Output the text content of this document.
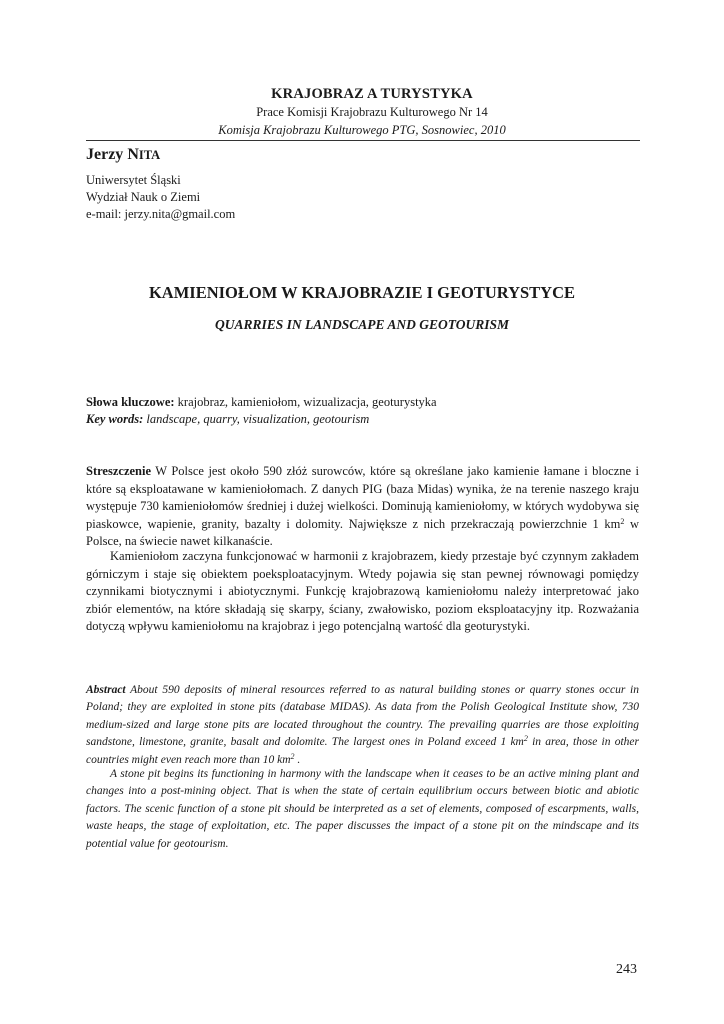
KRAJOBRAZ A TURYSTYKA
Prace Komisji Krajobrazu Kulturowego Nr 14
Komisja Krajobrazu Kulturowego PTG, Sosnowiec, 2010
Jerzy NITA
Uniwersytet Śląski
Wydział Nauk o Ziemi
e-mail: jerzy.nita@gmail.com
KAMIENIOŁOM W KRAJOBRAZIE I GEOTURYSTYCE
QUARRIES IN LANDSCAPE AND GEOTOURISM
Słowa kluczowe: krajobraz, kamieniołom, wizualizacja, geoturystyka
Key words: landscape, quarry, visualization, geotourism

Streszczenie W Polsce jest około 590 złóż surowców, które są określane jako kamienie łamane i bloczne i które są eksploatawane w kamieniołomach. Z danych PIG (baza Midas) wynika, że na terenie naszego kraju występuje 730 kamieniołomów średniej i dużej wielkości. Dominują kamieniołomy, w których wydobywa się piaskowce, wapienie, granity, bazalty i dolomity. Największe z nich przekraczają powierzchnie 1 $km^2$ w Polsce, na świecie nawet kilkanaście.

Kamieniołom zaczyna funkcjonować w harmonii z krajobrazem, kiedy przestaje być czynnym zakładem górniczym i staje się obiektem poeksploatacyjnym. Wtedy pojawia się stan pewnej równowagi pomiędzy czynnikami biotycznymi i abiotycznymi. Funkcję krajobrazową kamieniołomu należy interpretować jako zbiór elementów, na które składają się skarpy, ściany, zwałowisko, poziom eksploatacyjny itp. Rozważania dotyczą wpływu kamieniołomu na krajobraz i jego potencjalną wartość dla geoturystyki.

Abstract About 590 deposits of mineral resources referred to as natural building stones or quarry stones occur in Poland; they are exploited in stone pits (database MIDAS). As data from the Polish Geological Institute show, 730 medium-sized and large stone pits are located throughout the country. The prevailing quarries are those exploiting sandstone, limestone, granite, basalt and dolomite. The largest ones in Poland exceed 1 $km^2$ in area, those in other countries might even reach more than 10 $km^2$ .

A stone pit begins its functioning in harmony with the landscape when it ceases to be an active mining plant and changes into a post-mining object. That is when the state of certain equilibrium occurs between biotic and abiotic factors. The scenic function of a stone pit should be interpreted as a set of elements, composed of escarpments, walls, waste heaps, the stage of exploitation, etc. The paper discusses the impact of a stone pit on the mindscape and its potential value for geotourism.

243
